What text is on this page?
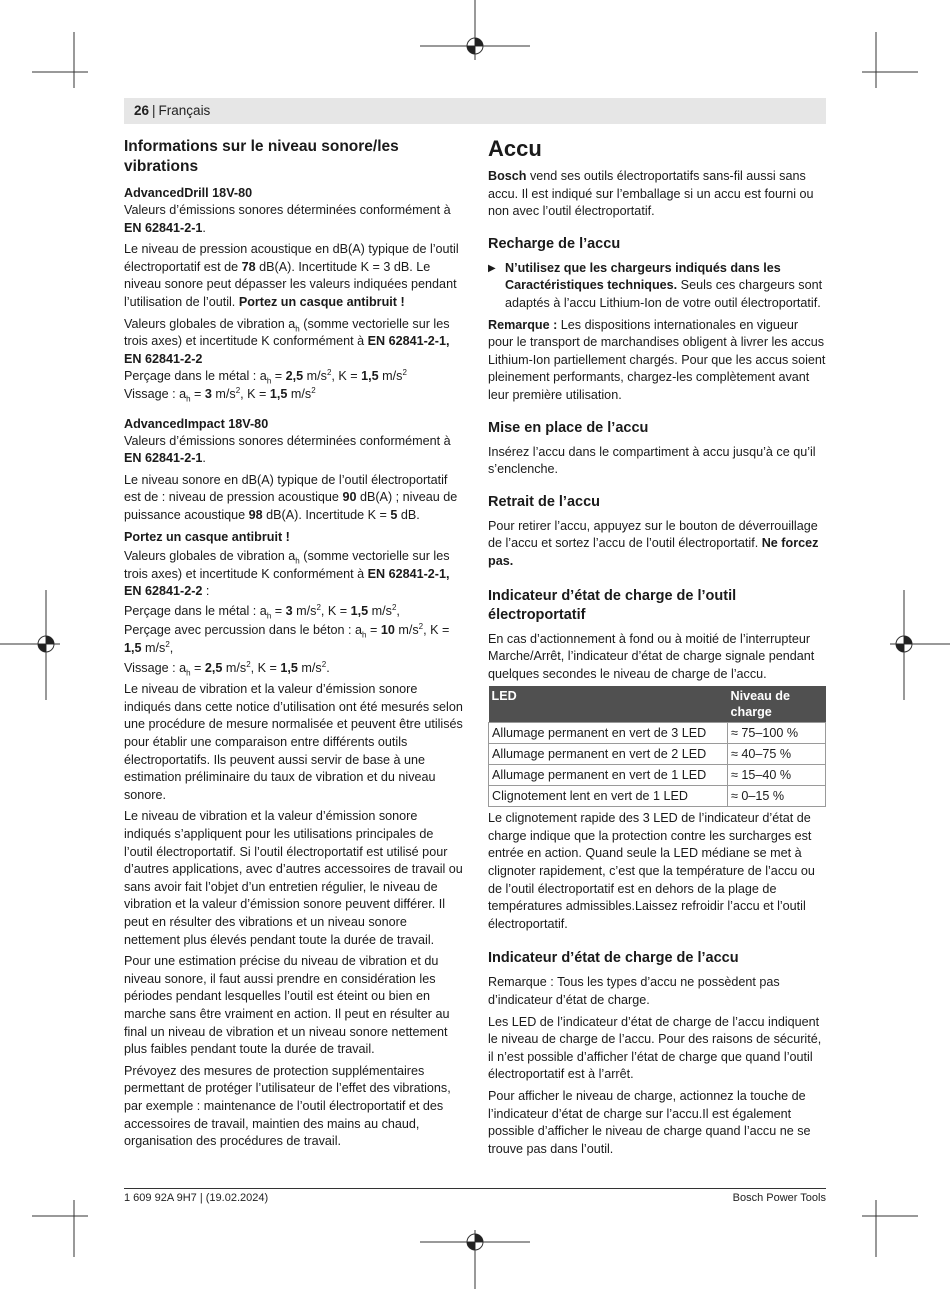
26 | Français
Informations sur le niveau sonore/les vibrations
AdvancedDrill 18V-80

Valeurs d’émissions sonores déterminées conformément à EN 62841-2-1.

Le niveau de pression acoustique en dB(A) typique de l’outil électroportatif est de 78 dB(A). Incertitude K = 3 dB. Le niveau sonore peut dépasser les valeurs indiquées pendant l’utilisation de l’outil. Portez un casque antibruit !

Valeurs globales de vibration $a_h$ (somme vectorielle sur les trois axes) et incertitude K conformément à EN 62841-2-1, EN 62841-2-2

Perçage dans le métal : $a_h = 2,5$ $m/s^2$, K = 1,5 $m/s^2$

Vissage : $a_h = 3$ $m/s^2$, K = 1,5 $m/s^2$

AdvancedImpact 18V-80

Valeurs d’émissions sonores déterminées conformément à EN 62841-2-1.

Le niveau sonore en dB(A) typique de l’outil électroportatif est de : niveau de pression acoustique 90 dB(A) ; niveau de puissance acoustique 98 dB(A). Incertitude K = 5 dB.

Portez un casque antibruit !

Valeurs globales de vibration $a_h$ (somme vectorielle sur les trois axes) et incertitude K conformément à EN 62841-2-1, EN 62841-2-2 :

Perçage dans le métal : $a_h = 3$ $m/s^2$, K = 1,5 $m/s^2$,

Perçage avec percussion dans le béton : $a_h = 10$ $m/s^2$, K = 1,5 $m/s^2$,

Vissage : $a_h = 2,5$ $m/s^2$, K = 1,5 $m/s^2$.

Le niveau de vibration et la valeur d’émission sonore indiqués dans cette notice d’utilisation ont été mesurés selon une procédure de mesure normalisée et peuvent être utilisés pour établir une comparaison entre différents outils électroportatifs. Ils peuvent aussi servir de base à une estimation préliminaire du taux de vibration et du niveau sonore.

Le niveau de vibration et la valeur d’émission sonore indiqués s’appliquent pour les utilisations principales de l’outil électroportatif. Si l’outil électroportatif est utilisé pour d’autres applications, avec d’autres accessoires de travail ou sans avoir fait l’objet d’un entretien régulier, le niveau de vibration et la valeur d’émission sonore peuvent différer. Il peut en résulter des vibrations et un niveau sonore nettement plus élevés pendant toute la durée de travail.

Pour une estimation précise du niveau de vibration et du niveau sonore, il faut aussi prendre en considération les périodes pendant lesquelles l’outil est éteint ou bien en marche sans être vraiment en action. Il peut en résulter au final un niveau de vibration et un niveau sonore nettement plus faibles pendant toute la durée de travail.

Prévoyez des mesures de protection supplémentaires permettant de protéger l’utilisateur de l’effet des vibrations, par exemple : maintenance de l’outil électroportatif et des accessoires de travail, maintien des mains au chaud, organisation des procédures de travail.

Accu

Bosch vend ses outils électroportatifs sans-fil aussi sans accu. Il est indiqué sur l’emballage si un accu est fourni ou non avec l’outil électroportatif.

Recharge de l’accu

▶ N’utilisez que les chargeurs indiqués dans les Caractéristiques techniques. Seuls ces chargeurs sont adaptés à l’accu Lithium-Ion de votre outil électroportatif.

Remarque : Les dispositions internationales en vigueur pour le transport de marchandises obligent à livrer les accus Lithium-Ion partiellement chargés. Pour que les accus soient pleinement performants, chargez-les complètement avant leur première utilisation.

Mise en place de l’accu

Insérez l’accu dans le compartiment à accu jusqu’à ce qu’il s’enclenche.

Retrait de l’accu

Pour retirer l’accu, appuyez sur le bouton de déverrouillage de l’accu et sortez l’accu de l’outil électroportatif. Ne forcez pas.

Indicateur d’état de charge de l’outil électroportatif

En cas d’actionnement à fond ou à moitié de l’interrupteur Marche/Arrêt, l’indicateur d’état de charge signale pendant quelques secondes le niveau de charge de l’accu.

LED	Niveau de charge
Allumage permanent en vert de 3 LED	≈ 75–100 %
Allumage permanent en vert de 2 LED	≈ 40–75 %
Allumage permanent en vert de 1 LED	≈ 15–40 %
Clignotement lent en vert de 1 LED	≈ 0–15 %

Le clignotement rapide des 3 LED de l’indicateur d’état de charge indique que la protection contre les surcharges est entrée en action. Quand seule la LED médiane se met à clignoter rapidement, c’est que la température de l’accu ou de l’outil électroportatif est en dehors de la plage de températures admissibles.Laissez refroidir l’accu et l’outil électroportatif.

Indicateur d’état de charge de l’accu

Remarque : Tous les types d’accu ne possèdent pas d’indicateur d’état de charge.

Les LED de l’indicateur d’état de charge de l’accu indiquent le niveau de charge de l’accu. Pour des raisons de sécurité, il n’est possible d’afficher l’état de charge que quand l’outil électroportatif est à l’arrêt.

Pour afficher le niveau de charge, actionnez la touche de l’indicateur d’état de charge sur l’accu.Il est également possible d’afficher le niveau de charge quand l’accu ne se trouve pas dans l’outil.

1 609 92A 9H7 | (19.02.2024)	Bosch Power Tools
